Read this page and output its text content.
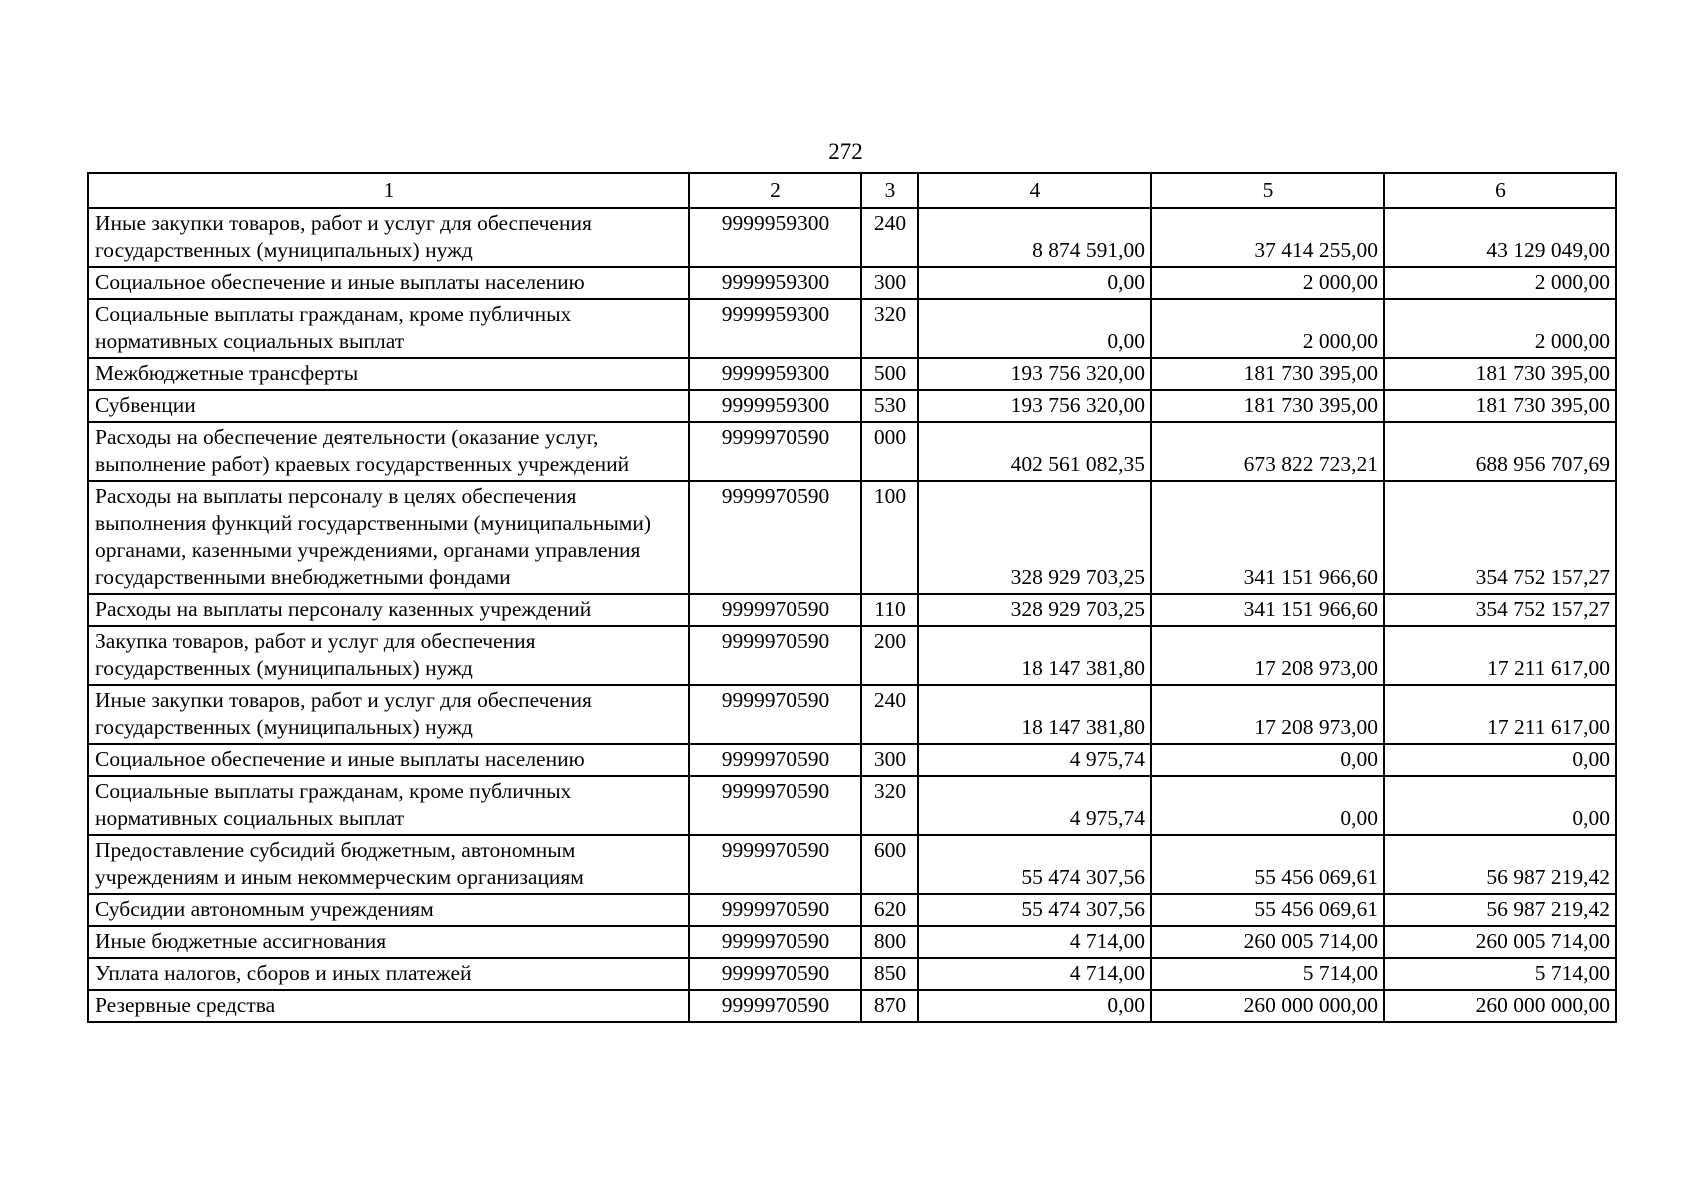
272
1	2	3	4	5	6
Иные закупки товаров, работ и услуг для обеспечения государственных (муниципальных) нужд	9999959300	240	8 874 591,00	37 414 255,00	43 129 049,00
Социальное обеспечение и иные выплаты населению	9999959300	300	0,00	2 000,00	2 000,00
Социальные выплаты гражданам, кроме публичных нормативных социальных выплат	9999959300	320	0,00	2 000,00	2 000,00
Межбюджетные трансферты	9999959300	500	193 756 320,00	181 730 395,00	181 730 395,00
Субвенции	9999959300	530	193 756 320,00	181 730 395,00	181 730 395,00
Расходы на обеспечение деятельности (оказание услуг, выполнение работ) краевых государственных учреждений	9999970590	000	402 561 082,35	673 822 723,21	688 956 707,69
Расходы на выплаты персоналу в целях обеспечения выполнения функций государственными (муниципальными) органами, казенными учреждениями, органами управления государственными внебюджетными фондами	9999970590	100	328 929 703,25	341 151 966,60	354 752 157,27
Расходы на выплаты персоналу казенных учреждений	9999970590	110	328 929 703,25	341 151 966,60	354 752 157,27
Закупка товаров, работ и услуг для обеспечения государственных (муниципальных) нужд	9999970590	200	18 147 381,80	17 208 973,00	17 211 617,00
Иные закупки товаров, работ и услуг для обеспечения государственных (муниципальных) нужд	9999970590	240	18 147 381,80	17 208 973,00	17 211 617,00
Социальное обеспечение и иные выплаты населению	9999970590	300	4 975,74	0,00	0,00
Социальные выплаты гражданам, кроме публичных нормативных социальных выплат	9999970590	320	4 975,74	0,00	0,00
Предоставление субсидий бюджетным, автономным учреждениям и иным некоммерческим организациям	9999970590	600	55 474 307,56	55 456 069,61	56 987 219,42
Субсидии автономным учреждениям	9999970590	620	55 474 307,56	55 456 069,61	56 987 219,42
Иные бюджетные ассигнования	9999970590	800	4 714,00	260 005 714,00	260 005 714,00
Уплата налогов, сборов и иных платежей	9999970590	850	4 714,00	5 714,00	5 714,00
Резервные средства	9999970590	870	0,00	260 000 000,00	260 000 000,00
